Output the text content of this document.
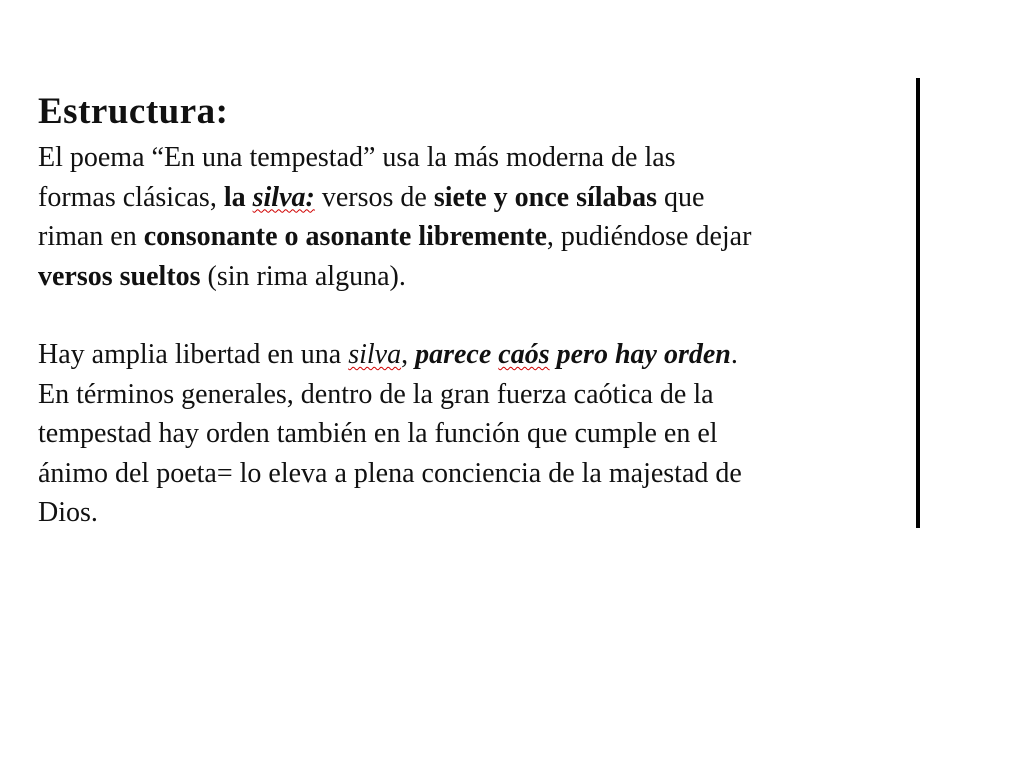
Estructura:
El poema “En una tempestad” usa la más moderna de las
formas clásicas, la silva: versos de siete y once sílabas que
riman en consonante o asonante libremente, pudiéndose dejar
versos sueltos (sin rima alguna).
Hay amplia libertad en una silva, parece caós pero hay orden.
En términos generales, dentro de la gran fuerza caótica de la
tempestad hay orden también en la función que cumple en el
ánimo del poeta= lo eleva a plena conciencia de la majestad de
Dios.
